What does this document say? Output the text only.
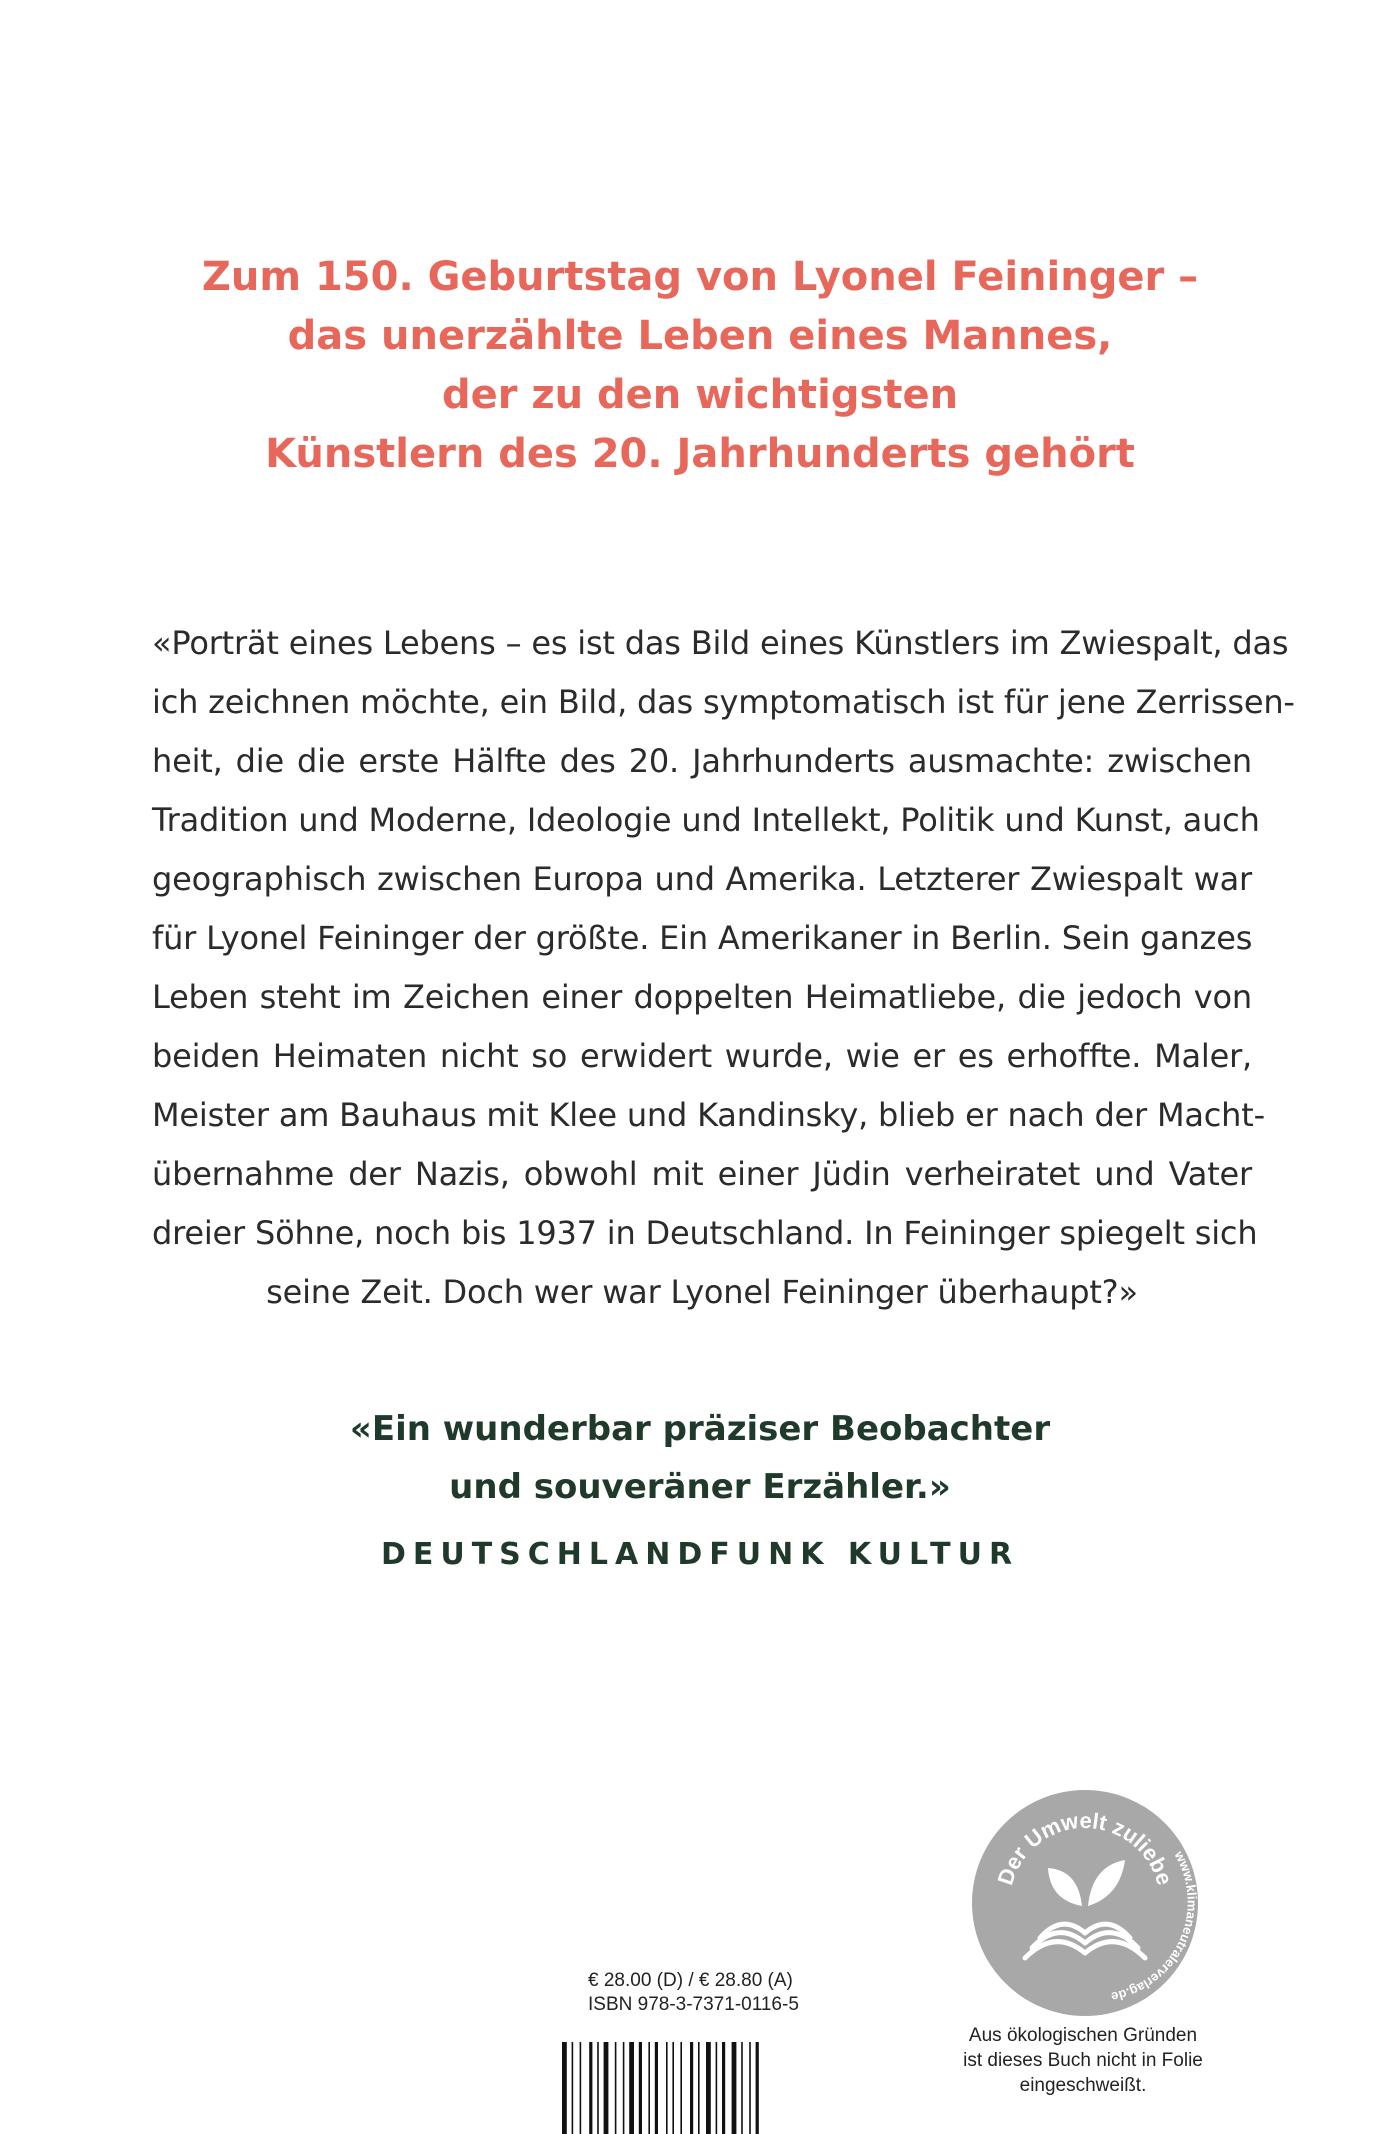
Zum 150. Geburtstag von Lyonel Feininger –
das unerzählte Leben eines Mannes,
der zu den wichtigsten
Künstlern des 20. Jahrhunderts gehört
«Porträt eines Lebens – es ist das Bild eines Künstlers im Zwiespalt, das
ich zeichnen möchte, ein Bild, das symptomatisch ist für jene Zerrissen-
heit, die die erste Hälfte des 20. Jahrhunderts ausmachte: zwischen
Tradition und Moderne, Ideologie und Intellekt, Politik und Kunst, auch
geographisch zwischen Europa und Amerika. Letzterer Zwiespalt war
für Lyonel Feininger der größte. Ein Amerikaner in Berlin. Sein ganzes
Leben steht im Zeichen einer doppelten Heimatliebe, die jedoch von
beiden Heimaten nicht so erwidert wurde, wie er es erhoffte. Maler,
Meister am Bauhaus mit Klee und Kandinsky, blieb er nach der Macht-
übernahme der Nazis, obwohl mit einer Jüdin verheiratet und Vater
dreier Söhne, noch bis 1937 in Deutschland. In Feininger spiegelt sich
seine Zeit. Doch wer war Lyonel Feininger überhaupt?»
«Ein wunderbar präziser Beobachter
und souveräner Erzähler.»
DEUTSCHLANDFUNK KULTUR
Der Umwelt zuliebe
www.klimaneutralerverlag.de
Aus ökologischen Gründen
ist dieses Buch nicht in Folie
eingeschweißt.
€ 28.00 (D) / € 28.80 (A)
ISBN 978-3-7371-0116-5
